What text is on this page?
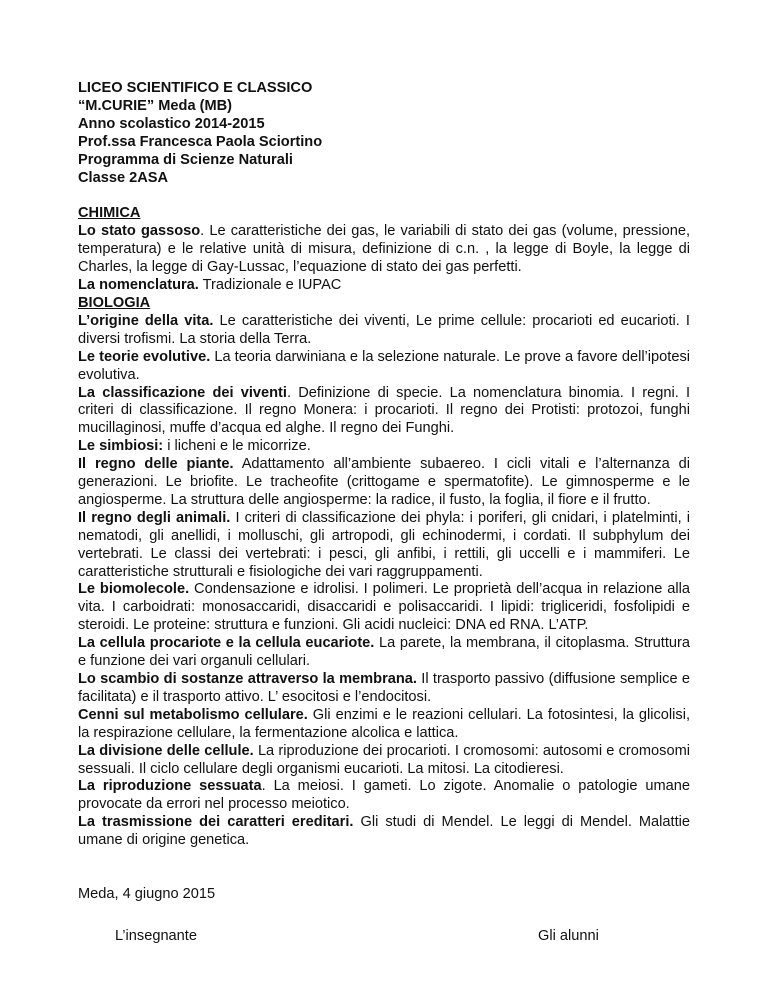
LICEO SCIENTIFICO E CLASSICO

“M.CURIE” Meda (MB)

Anno scolastico 2014-2015

Prof.ssa Francesca Paola Sciortino

Programma di Scienze Naturali

Classe 2ASA

CHIMICA

Lo stato gassoso. Le caratteristiche dei gas, le variabili di stato dei gas (volume, pressione, temperatura) e le relative unità di misura, definizione di c.n. , la legge di Boyle, la legge di Charles, la legge di Gay-Lussac, l’equazione di stato dei gas perfetti.

La nomenclatura. Tradizionale e IUPAC

BIOLOGIA

L’origine della vita. Le caratteristiche dei viventi, Le prime cellule: procarioti ed eucarioti. I diversi trofismi. La storia della Terra.

Le teorie evolutive. La teoria darwiniana e la selezione naturale. Le prove a favore dell’ipotesi evolutiva.

La classificazione dei viventi. Definizione di specie. La nomenclatura binomia. I regni. I criteri di classificazione. Il regno Monera: i procarioti. Il regno dei Protisti: protozoi, funghi mucillaginosi, muffe d’acqua ed alghe. Il regno dei Funghi.

Le simbiosi: i licheni e le micorrize.

Il regno delle piante. Adattamento all’ambiente subaereo. I cicli vitali e l’alternanza di generazioni. Le briofite. Le tracheofite (crittogame e spermatofite). Le gimnosperme e le angiosperme. La struttura delle angiosperme: la radice, il fusto, la foglia, il fiore e il frutto.

Il regno degli animali. I criteri di classificazione dei phyla: i poriferi, gli cnidari, i platelminti, i nematodi, gli anellidi, i molluschi, gli artropodi, gli echinodermi, i cordati. Il subphylum dei vertebrati. Le classi dei vertebrati: i pesci, gli anfibi, i rettili, gli uccelli e i mammiferi. Le caratteristiche strutturali e fisiologiche dei vari raggruppamenti.

Le biomolecole. Condensazione e idrolisi. I polimeri. Le proprietà dell’acqua in relazione alla vita. I carboidrati: monosaccaridi, disaccaridi e polisaccaridi. I lipidi: trigliceridi, fosfolipidi e steroidi. Le proteine: struttura e funzioni. Gli acidi nucleici: DNA ed RNA. L’ATP.

La cellula procariote e la cellula eucariote. La parete, la membrana, il citoplasma. Struttura e funzione dei vari organuli cellulari.

Lo scambio di sostanze attraverso la membrana. Il trasporto passivo (diffusione semplice e facilitata) e il trasporto attivo. L’ esocitosi e l’endocitosi.

Cenni sul metabolismo cellulare. Gli enzimi e le reazioni cellulari. La fotosintesi, la glicolisi, la respirazione cellulare, la fermentazione alcolica e lattica.

La divisione delle cellule. La riproduzione dei procarioti. I cromosomi: autosomi e cromosomi sessuali. Il ciclo cellulare degli organismi eucarioti. La mitosi. La citodieresi.

La riproduzione sessuata. La meiosi. I gameti. Lo zigote. Anomalie o patologie umane provocate da errori nel processo meiotico.

La trasmissione dei caratteri ereditari. Gli studi di Mendel. Le leggi di Mendel. Malattie umane di origine genetica.

Meda, 4 giugno 2015

L’insegnante	Gli alunni
